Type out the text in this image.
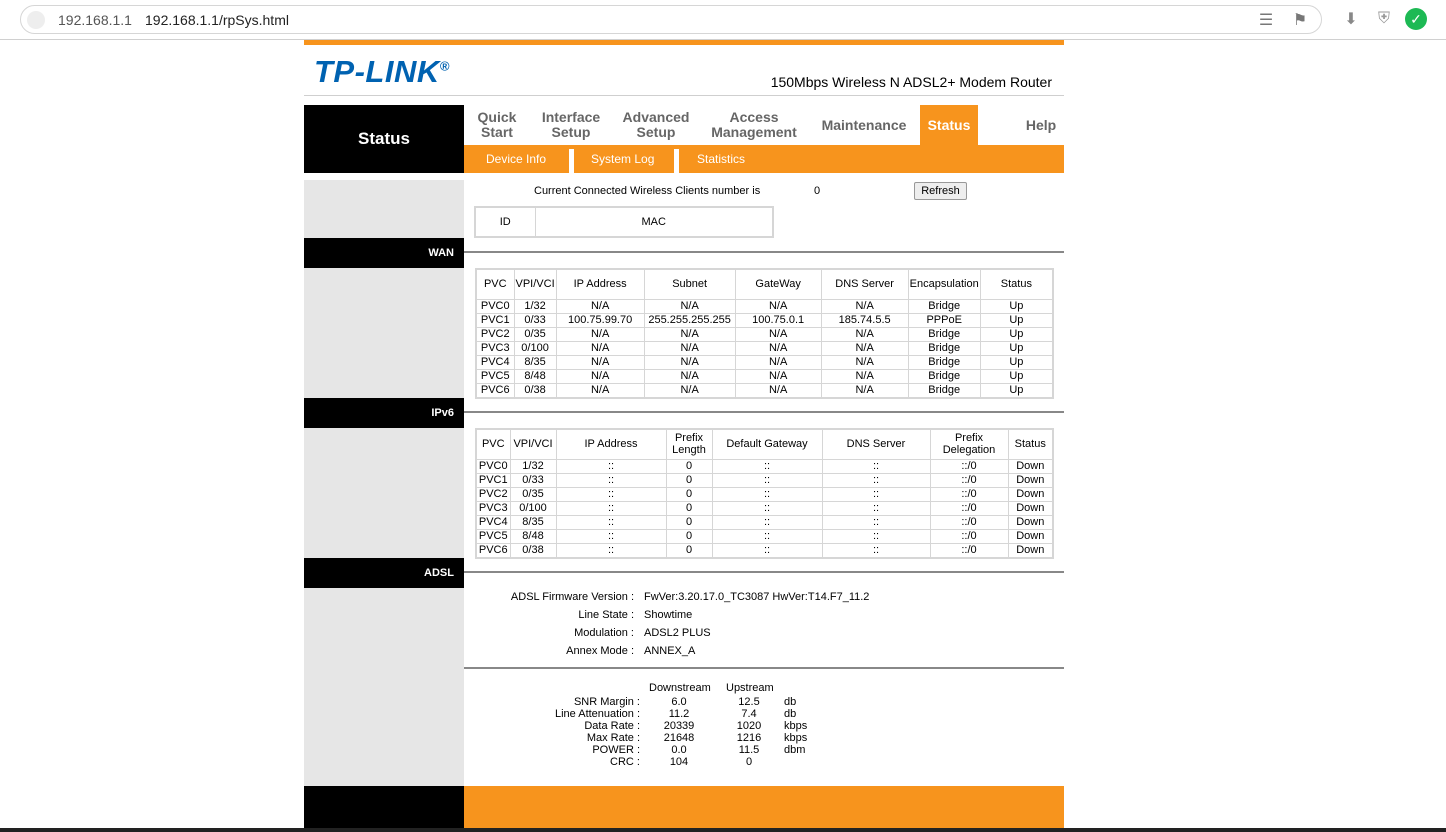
192.168.1.1 192.168.1.1/rpSys.html	☰ ⚑ ⬇	⛨	✓
TP-LINK®
150Mbps Wireless N ADSL2+ Modem Router
Status
Quick Start
Interface Setup
Advanced Setup
Access Management	Maintenance	Status	Help
Device Info	System Log	Statistics
Current Connected Wireless Clients number is	0	Refresh
ID	MAC
WAN
PVC	VPI/VCI	IP Address	Subnet	GateWay	DNS Server	Encapsulation	Status
PVC0	1/32	N/A	N/A	N/A	N/A	Bridge	Up
PVC1	0/33	100.75.99.70	255.255.255.255	100.75.0.1	185.74.5.5	PPPoE	Up
PVC2	0/35	N/A	N/A	N/A	N/A	Bridge	Up
PVC3	0/100	N/A	N/A	N/A	N/A	Bridge	Up
PVC4	8/35	N/A	N/A	N/A	N/A	Bridge	Up
PVC5	8/48	N/A	N/A	N/A	N/A	Bridge	Up
PVC6	0/38	N/A	N/A	N/A	N/A	Bridge	Up
IPv6
PVC	VPI/VCI	IP Address	Prefix Length	Default Gateway	DNS Server	Prefix Delegation	Status
PVC0	1/32	::	0	::	::	::/0	Down
PVC1	0/33	::	0	::	::	::/0	Down
PVC2	0/35	::	0	::	::	::/0	Down
PVC3	0/100	::	0	::	::	::/0	Down
PVC4	8/35	::	0	::	::	::/0	Down
PVC5	8/48	::	0	::	::	::/0	Down
PVC6	0/38	::	0	::	::	::/0	Down
ADSL
ADSL Firmware Version : FwVer:3.20.17.0_TC3087 HwVer:T14.F7_11.2
Line State : Showtime
Modulation : ADSL2 PLUS
Annex Mode : ANNEX_A
Downstream Upstream
SNR Margin :	6.0	12.5	db
Line Attenuation :	11.2	7.4	db
Data Rate :	20339	1020	kbps
Max Rate :	21648	1216	kbps
POWER :	0.0	11.5	dbm
CRC :	104	0
